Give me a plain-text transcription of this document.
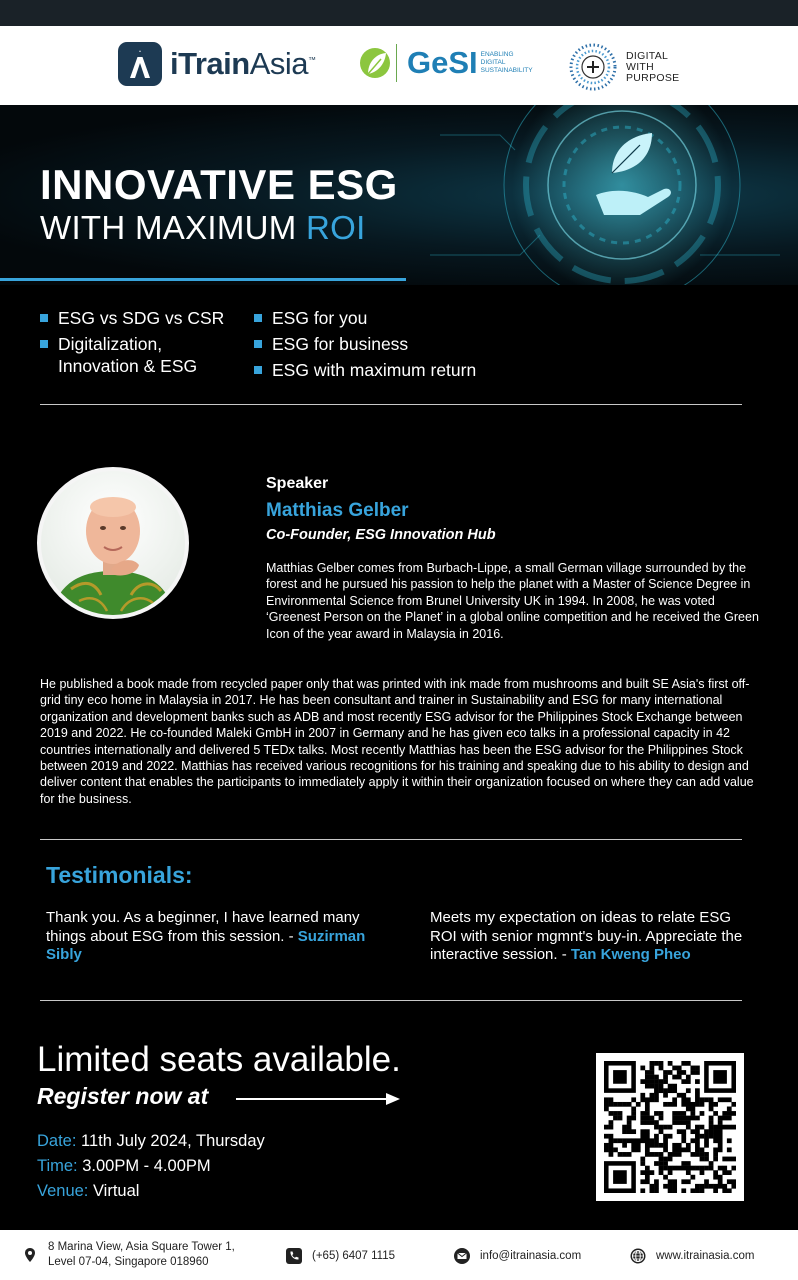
iTrainAsia™	GeSI ENABLING
DIGITAL
SUSTAINABILITY
DIGITAL
WITH
PURPOSE
INNOVATIVE ESG
WITH MAXIMUM ROI
ESG vs SDG vs CSR
Digitalization, Innovation & ESG
ESG for you
ESG for business
ESG with maximum return
Speaker
Matthias Gelber
Co-Founder, ESG Innovation Hub

Matthias Gelber comes from Burbach-Lippe, a small German village surrounded by the forest and he pursued his passion to help the planet with a Master of Science Degree in Environmental Science from Brunel University UK in 1994. In 2008, he was voted ‘Greenest Person on the Planet’ in a global online competition and he received the Green Icon of the year award in Malaysia in 2016.

He published a book made from recycled paper only that was printed with ink made from mushrooms and built SE Asia's first off-grid tiny eco home in Malaysia in 2017. He has been consultant and trainer in Sustainability and ESG for many international organization and development banks such as ADB and most recently ESG advisor for the Philippines Stock Exchange between 2019 and 2022. He co-founded Maleki GmbH in 2007 in Germany and he has given eco talks in a professional capacity in 42 countries internationally and delivered 5 TEDx talks. Most recently Matthias has been the ESG advisor for the Philippines Stock between 2019 and 2022. Matthias has received various recognitions for his training and speaking due to his ability to design and deliver content that enables the participants to immediately apply it within their organization focused on where they can add value for the business.

Testimonials:
Thank you. As a beginner, I have learned many things about ESG from this session. - Suzirman Sibly
Meets my expectation on ideas to relate ESG ROI with senior mgmnt's buy-in. Appreciate the interactive session. - Tan Kweng Pheo
Limited seats available.
Register now at
Date: 11th July 2024, Thursday
Time: 3.00PM - 4.00PM
Venue: Virtual
8 Marina View, Asia Square Tower 1,
Level 07-04, Singapore 018960	(+65) 6407 1115	info@itrainasia.com	www.itrainasia.com
